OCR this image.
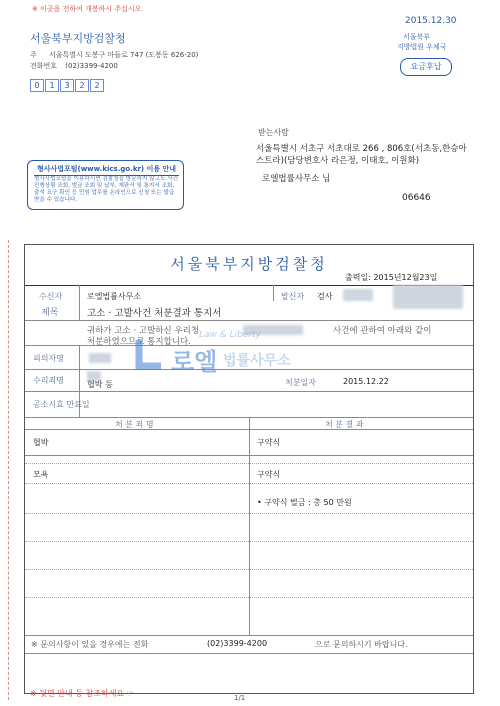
※ 이곳을 전하여 개봉하시 주십시오
서울북부지방검찰청
주 서울특별시 도봉구 마들로 747 (도봉동 626-20)
전화번호 (02)3399-4200
0 1 3 2 2
2015.12.30
서울북부
지방법원 우체국
요금후납
형사사법포털(www.kics.go.kr) 이용 안내
형사사법포털을 이용하시면 검찰청을 방문하지 않고도 사건진행상황 조회, 벌금 조회 및 납부, 재판서 및 통지서 조회, 출석 요구 확인 등 민원 업무를 온라인으로 신청 또는 발급 받을 수 있습니다.
받는사람
서울특별시 서초구 서초대로 266 , 806호(서초동,한승아스트라)(담당변호사 라은정, 이태호, 이원화)
로엘법률사무소 님
06646
서울북부지방검찰청
출력일: 2015년12월23일
수신자	로엘법률사무소	발신자 검사
제목	고소 · 고발사건 처분결과 통지서
귀하가 고소 · 고발하신 우리청	사건에 관하여 아래와 같이
처분하였으므로 통지합니다.
피의자명
수리죄명	협박 등	처분일자	2015.12.22
공소시효 만료일
처 분 죄 명	처 분 결 과
협박	구약식
모욕	구약식
• 구약식 벌금 : 총 50 만원
※ 문의사항이 있을 경우에는 전화	(02)3399-4200	으로 문의하시기 바랍니다.
Law & Liberty
로엘 법률사무소
※ 뒷면 안내 등 참조하세요 ☞	1/1
